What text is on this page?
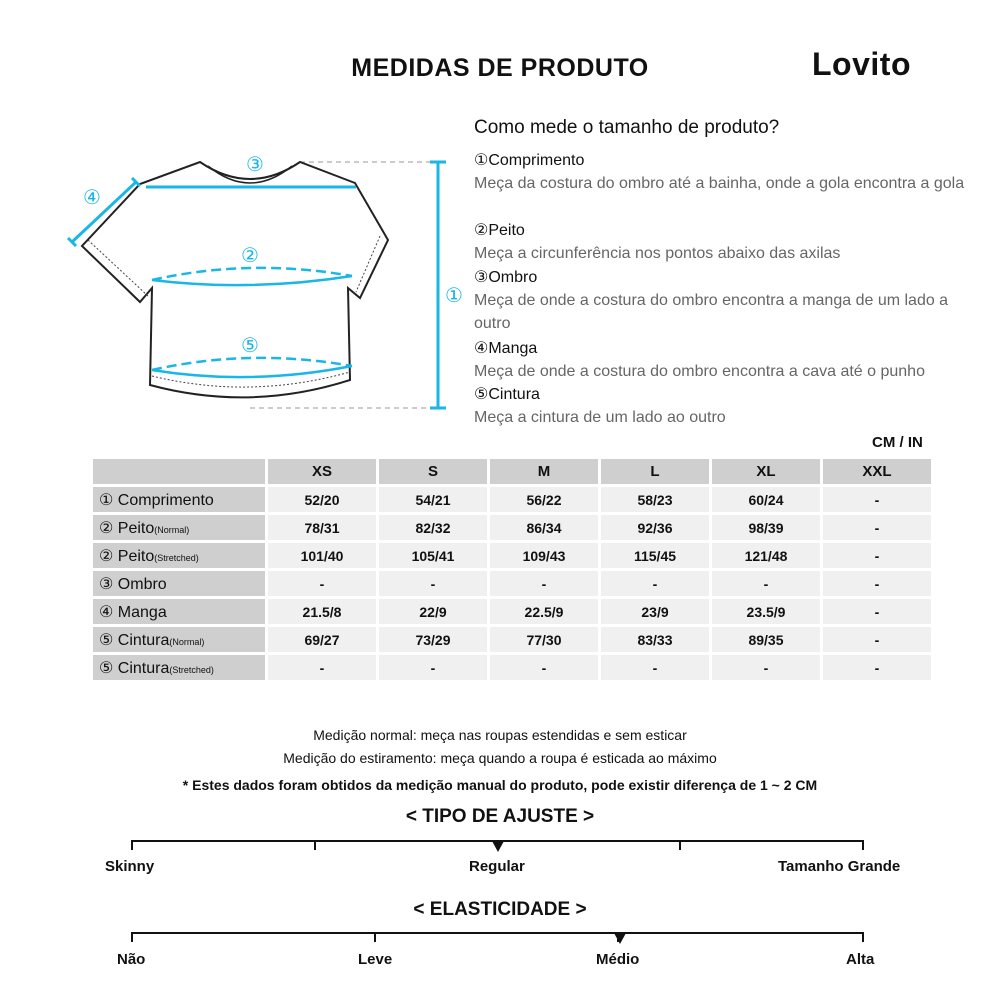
MEDIDAS DE PRODUTO	Lovito
③
④
②
⑤
①
Como mede o tamanho de produto?
①Comprimento
Meça da costura do ombro até a bainha, onde a gola encontra a gola
②Peito
Meça a circunferência nos pontos abaixo das axilas
③Ombro
Meça de onde a costura do ombro encontra a manga de um lado a outro
④Manga
Meça de onde a costura do ombro encontra a cava até o punho
⑤Cintura
Meça a cintura de um lado ao outro
CM / IN
	XS	S	M	L	XL	XXL
① Comprimento	52/20	54/21	56/22	58/23	60/24	-
② Peito(Normal)	78/31	82/32	86/34	92/36	98/39	-
② Peito(Stretched)	101/40	105/41	109/43	115/45	121/48	-
③ Ombro	-	-	-	-	-	-
④ Manga	21.5/8	22/9	22.5/9	23/9	23.5/9	-
⑤ Cintura(Normal)	69/27	73/29	77/30	83/33	89/35	-
⑤ Cintura(Stretched)	-	-	-	-	-	-
Medição normal: meça nas roupas estendidas e sem esticar
Medição do estiramento: meça quando a roupa é esticada ao máximo
* Estes dados foram obtidos da medição manual do produto, pode existir diferença de 1 ~ 2 CM
< TIPO DE AJUSTE >
Skinny	Regular	Tamanho Grande
< ELASTICIDADE >
Não	Leve	Médio	Alta
